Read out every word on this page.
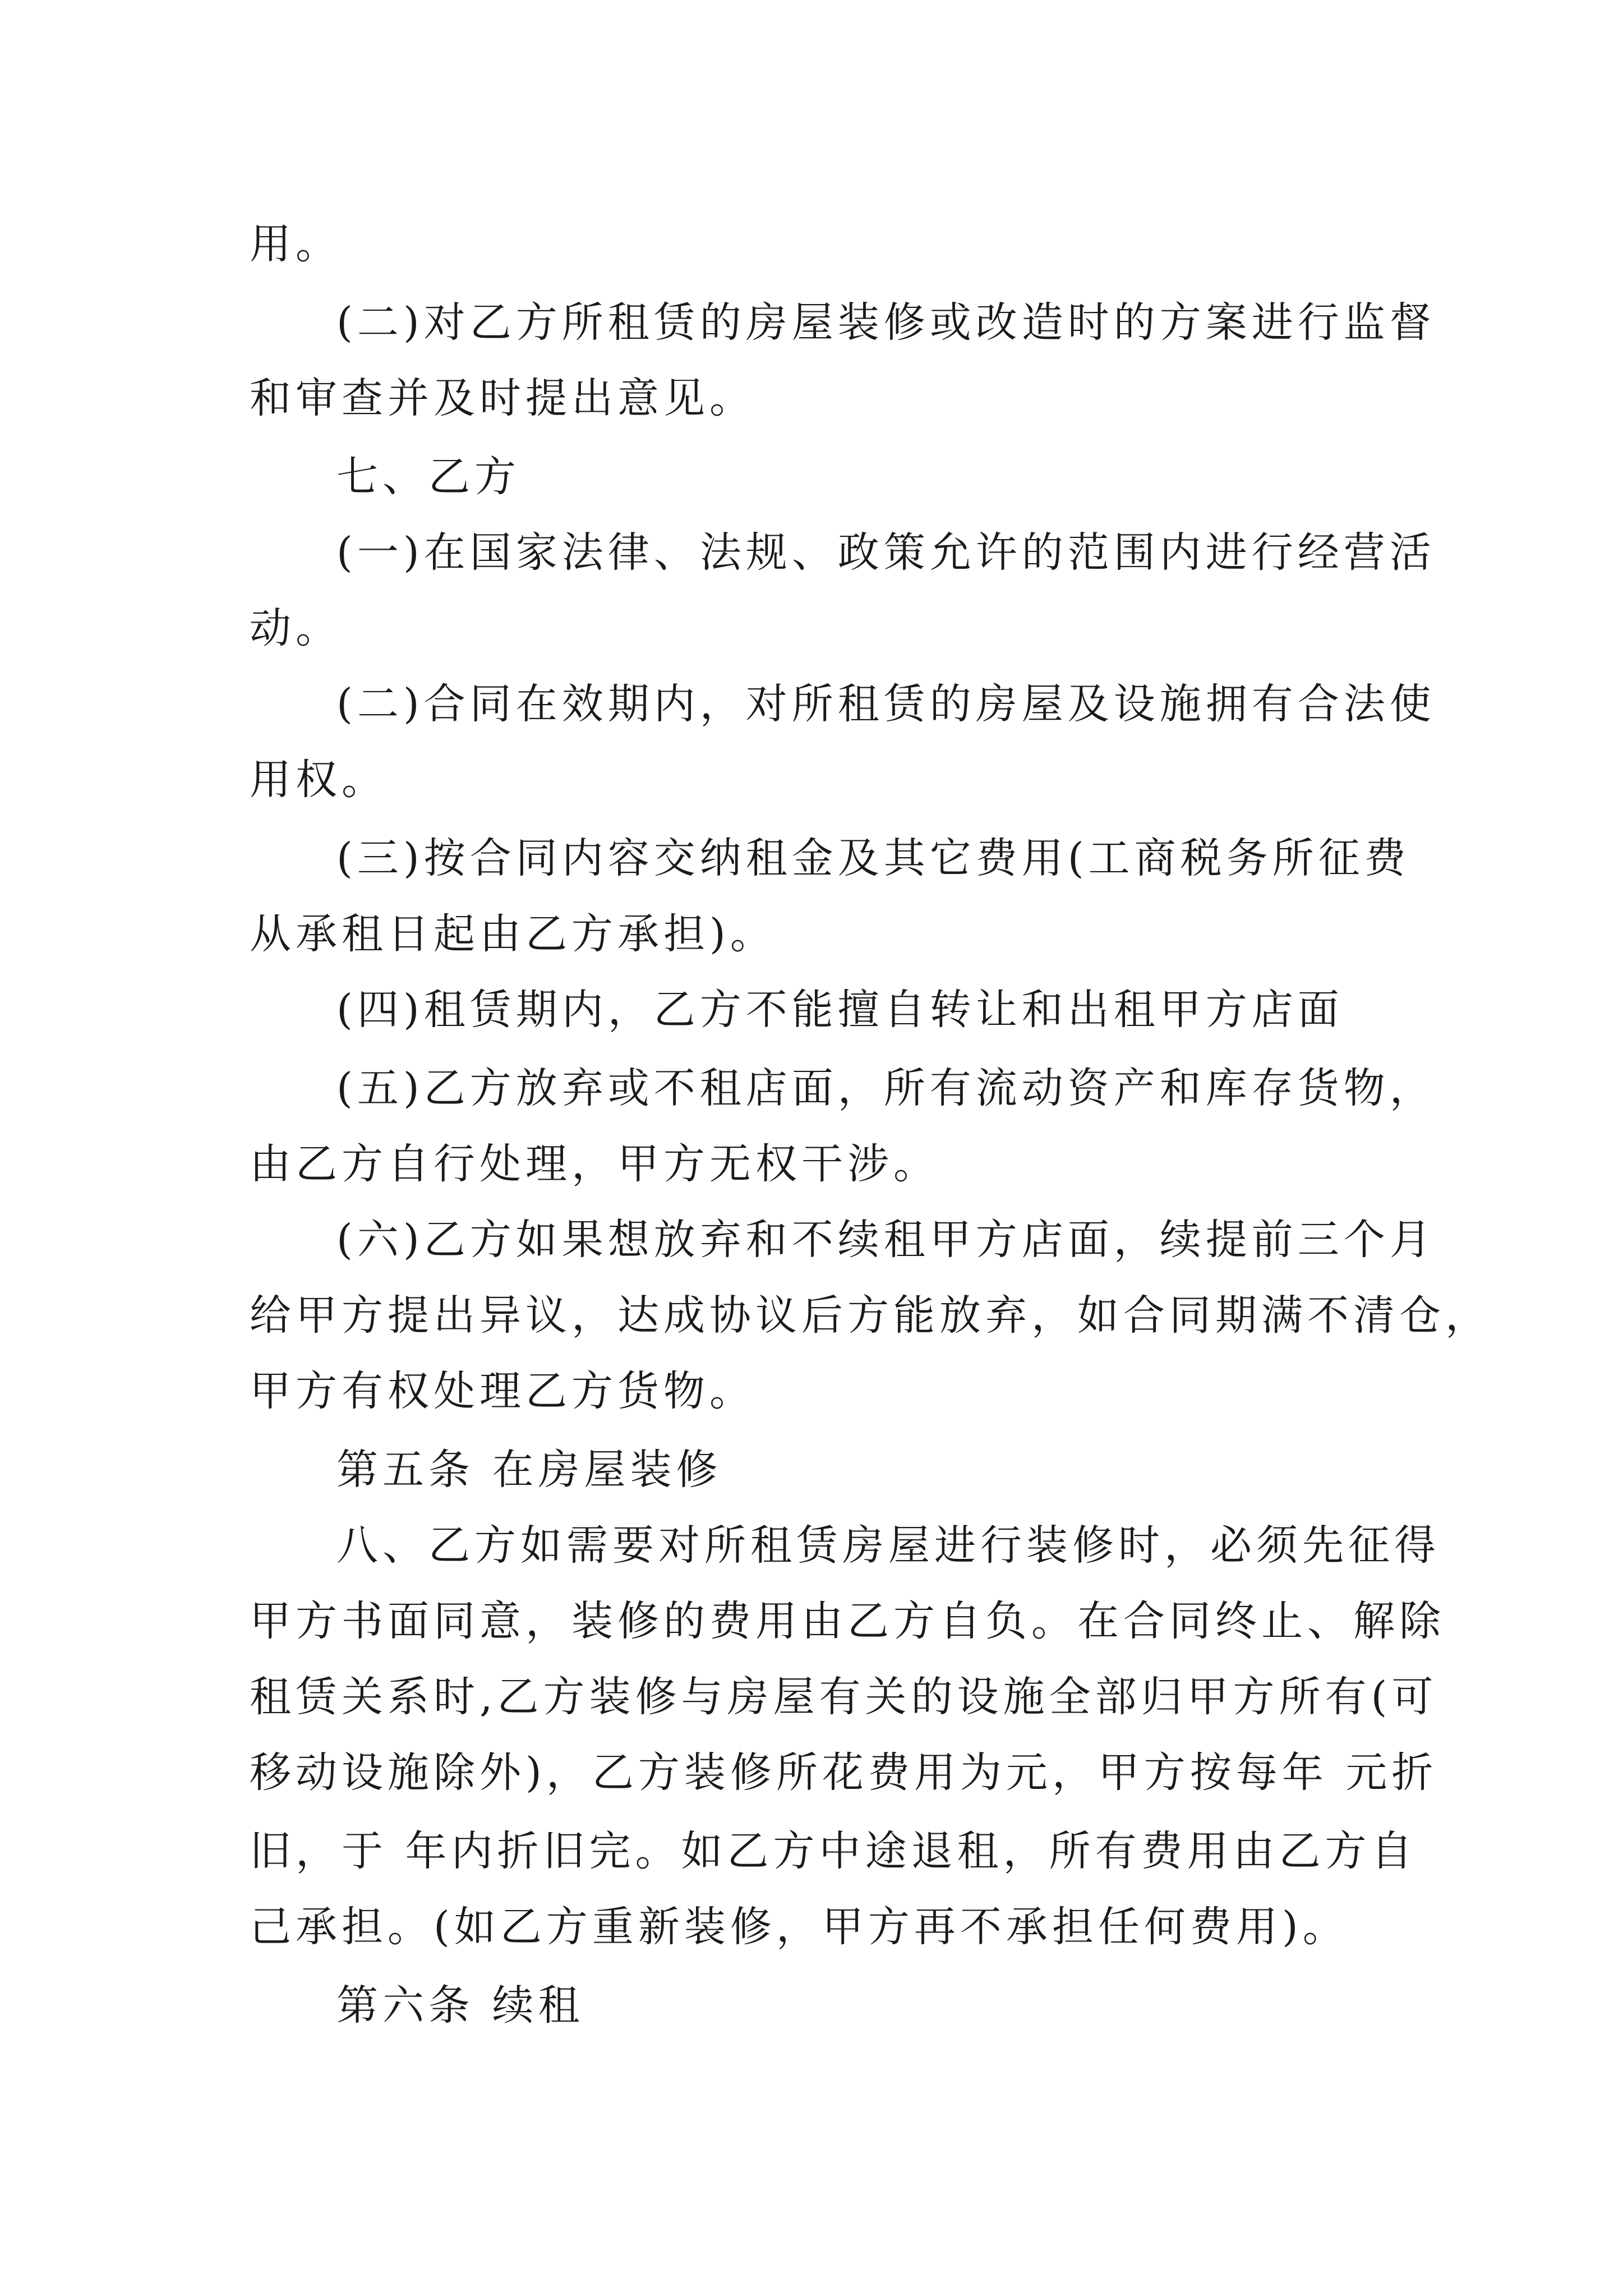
用。
(二)对乙方所租赁的房屋装修或改造时的方案进行监督
和审查并及时提出意见。
七、乙方
(一)在国家法律、法规、政策允许的范围内进行经营活
动。
(二)合同在效期内，对所租赁的房屋及设施拥有合法使
用权。
(三)按合同内容交纳租金及其它费用(工商税务所征费
从承租日起由乙方承担)。
(四)租赁期内，乙方不能擅自转让和出租甲方店面
(五)乙方放弃或不租店面，所有流动资产和库存货物，
由乙方自行处理，甲方无权干涉。
(六)乙方如果想放弃和不续租甲方店面，续提前三个月
给甲方提出异议，达成协议后方能放弃，如合同期满不清仓，
甲方有权处理乙方货物。
第五条 在房屋装修
八、乙方如需要对所租赁房屋进行装修时，必须先征得
甲方书面同意，装修的费用由乙方自负。在合同终止、解除
租赁关系时,乙方装修与房屋有关的设施全部归甲方所有(可
移动设施除外)，乙方装修所花费用为元，甲方按每年 元折
旧，于 年内折旧完。如乙方中途退租，所有费用由乙方自
己承担。(如乙方重新装修，甲方再不承担任何费用)。
第六条 续租
